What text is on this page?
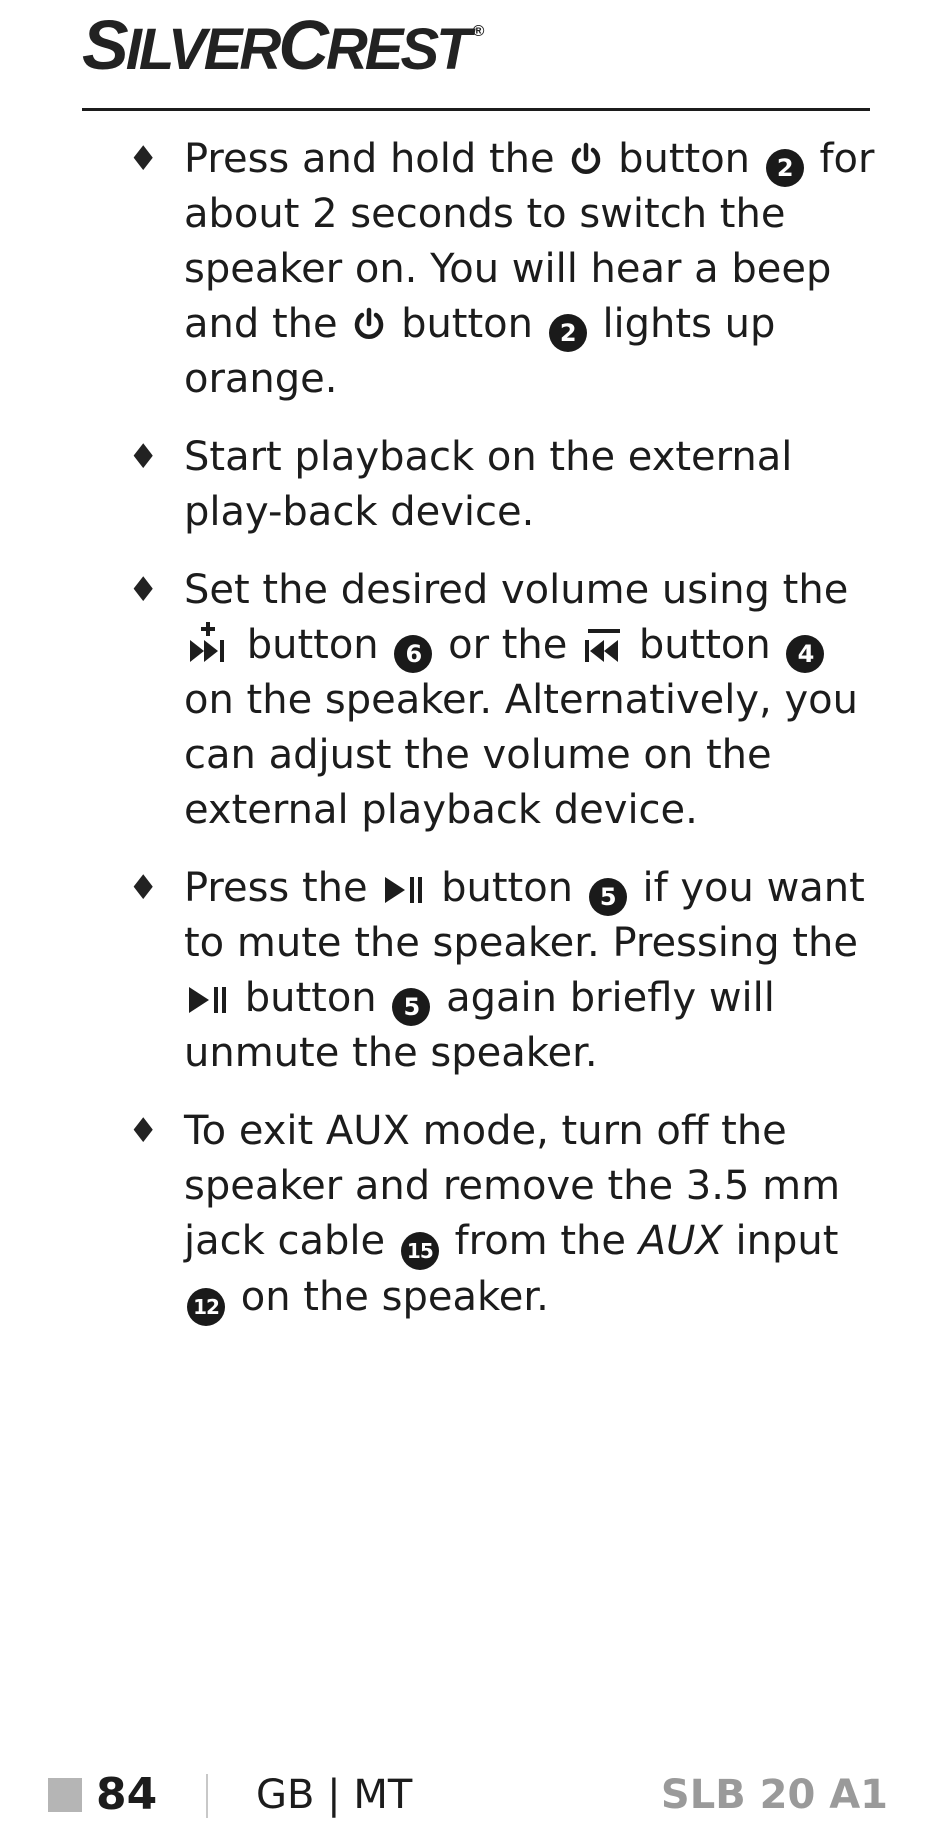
SILVERCREST ®
♦ Press and hold the button 2 for about 2 seconds to switch the speaker on. You will hear a beep and the button 2 lights up orange.
♦ Start playback on the external play-back device.
♦ Set the desired volume using the  button 6 or the button 4 on the speaker. Alternatively, you can adjust the volume on the external playback device.
♦ Press the button 5 if you want to mute the speaker. Pressing the  button 5 again briefly will unmute the speaker.
♦ To exit AUX mode, turn off the speaker and remove the 3.5 mm jack cable 15 from the AUX input 12 on the speaker.
84 GB | MT	SLB 20 A1
